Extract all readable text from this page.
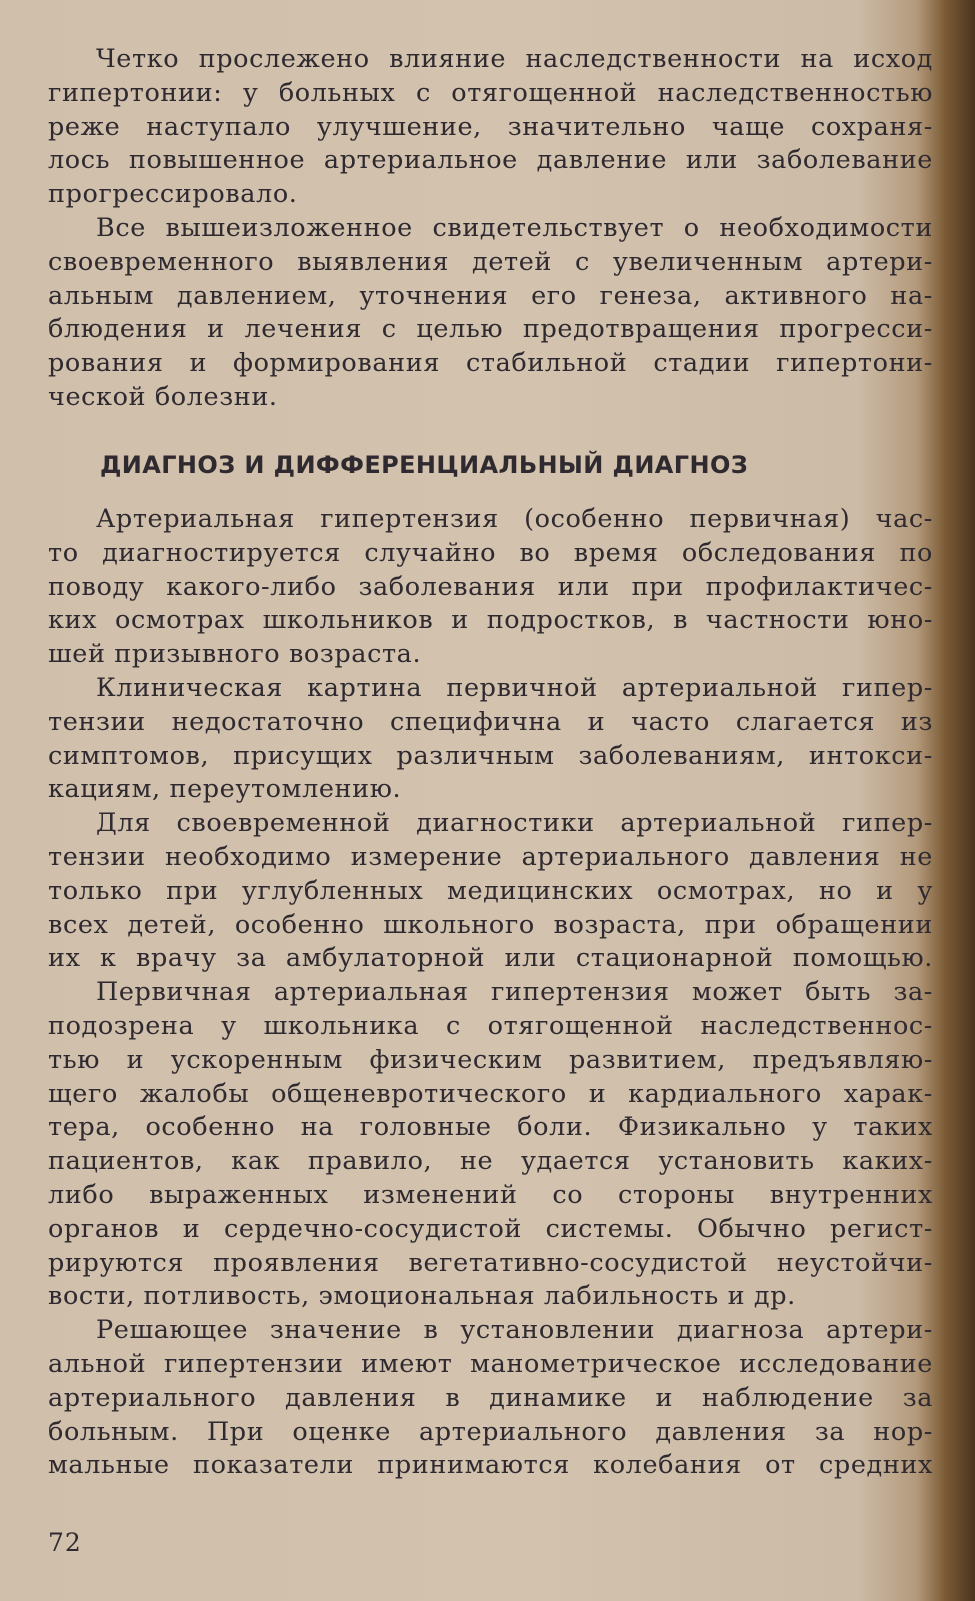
Четко прослежено влияние наследственности на исход
гипертонии: у больных с отягощенной наследственностью
реже наступало улучшение, значительно чаще сохраня-
лось повышенное артериальное давление или заболевание
прогрессировало.
Все вышеизложенное свидетельствует о необходимости
своевременного выявления детей с увеличенным артери-
альным давлением, уточнения его генеза, активного на-
блюдения и лечения с целью предотвращения прогресси-
рования и формирования стабильной стадии гипертони-
ческой болезни.
ДИАГНОЗ И ДИФФЕРЕНЦИАЛЬНЫЙ ДИАГНОЗ
Артериальная гипертензия (особенно первичная) час-
то диагностируется случайно во время обследования по
поводу какого-либо заболевания или при профилактичес-
ких осмотрах школьников и подростков, в частности юно-
шей призывного возраста.
Клиническая картина первичной артериальной гипер-
тензии недостаточно специфична и часто слагается из
симптомов, присущих различным заболеваниям, интокси-
кациям, переутомлению.
Для своевременной диагностики артериальной гипер-
тензии необходимо измерение артериального давления не
только при углубленных медицинских осмотрах, но и у
всех детей, особенно школьного возраста, при обращении
их к врачу за амбулаторной или стационарной помощью.
Первичная артериальная гипертензия может быть за-
подозрена у школьника с отягощенной наследственнос-
тью и ускоренным физическим развитием, предъявляю-
щего жалобы общеневротического и кардиального харак-
тера, особенно на головные боли. Физикально у таких
пациентов, как правило, не удается установить каких-
либо выраженных изменений со стороны внутренних
органов и сердечно-сосудистой системы. Обычно регист-
рируются проявления вегетативно-сосудистой неустойчи-
вости, потливость, эмоциональная лабильность и др.
Решающее значение в установлении диагноза артери-
альной гипертензии имеют манометрическое исследование
артериального давления в динамике и наблюдение за
больным. При оценке артериального давления за нор-
мальные показатели принимаются колебания от средних
72
